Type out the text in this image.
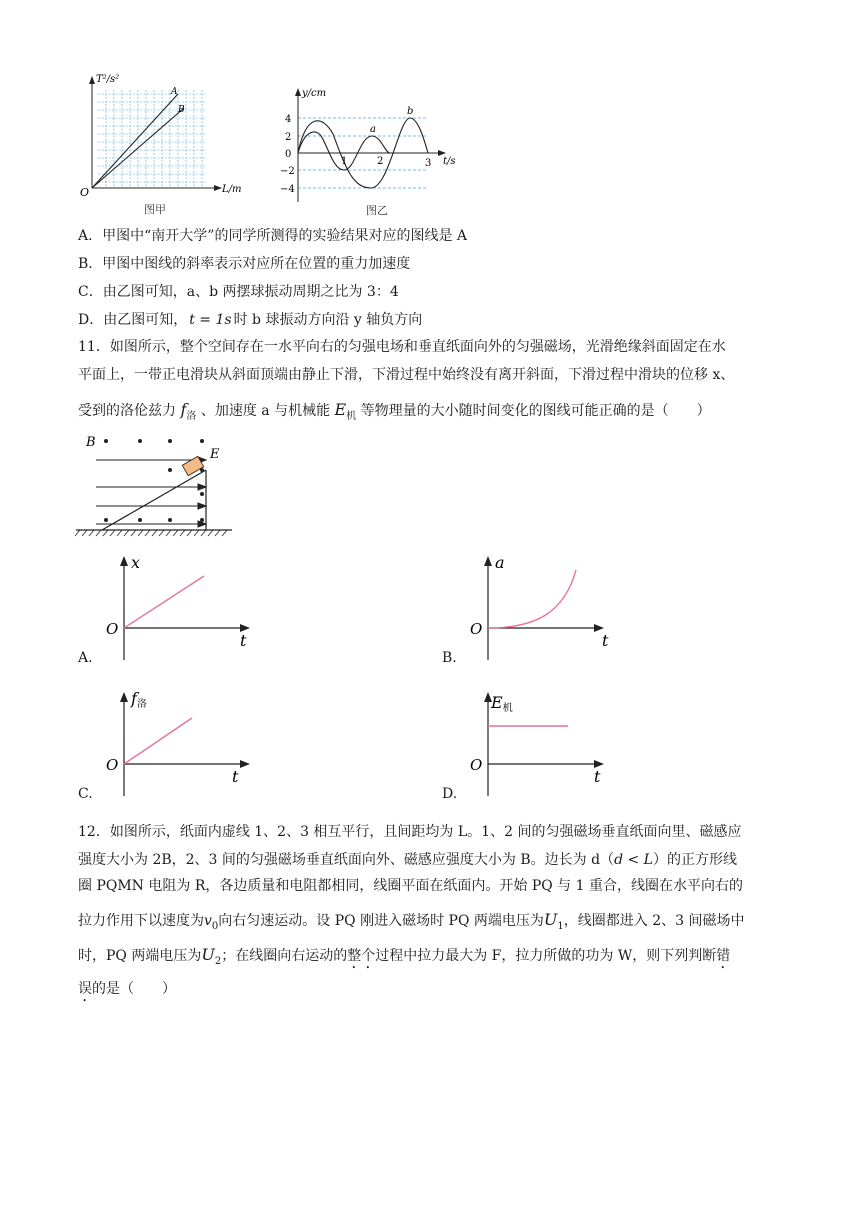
T²/s²
L/m
O
A
B
图甲
y/cm
t/s
4
2
0
−2
−4
1	2	3
a
b
图乙
A．甲图中“南开大学”的同学所测得的实验结果对应的图线是 A
B．甲图中图线的斜率表示对应所在位置的重力加速度
C．由乙图可知，a、b 两摆球振动周期之比为 3：4
D．由乙图可知， t = 1s 时 b 球振动方向沿 y 轴负方向
11．如图所示，整个空间存在一水平向右的匀强电场和垂直纸面向外的匀强磁场，光滑绝缘斜面固定在水
平面上，一带正电滑块从斜面顶端由静止下滑，下滑过程中始终没有离开斜面，下滑过程中滑块的位移 x、
受到的洛伦兹力 $f_洛$ 、加速度 a 与机械能 $E_机$ 等物理量的大小随时间变化的图线可能正确的是（　　）
B
E
x
O
t
A.
a
O
t
B.
f洛
O
t
C.
E机
O
t
D.
12．如图所示，纸面内虚线 1、2、3 相互平行，且间距均为 L。1、2 间的匀强磁场垂直纸面向里、磁感应
强度大小为 2B，2、3 间的匀强磁场垂直纸面向外、磁感应强度大小为 B。边长为 d（d < L）的正方形线
圈 PQMN 电阻为 R，各边质量和电阻都相同，线圈平面在纸面内。开始 PQ 与 1 重合，线圈在水平向右的
拉力作用下以速度为$v_0$向右匀速运动。设 PQ 刚进入磁场时 PQ 两端电压为$U_1$，线圈都进入 2、3 间磁场中
时，PQ 两端电压为$U_2$；在线圈向右运动的整个过程中拉力最大为 F，拉力所做的功为 W，则下列判断错
误的是（　　）
